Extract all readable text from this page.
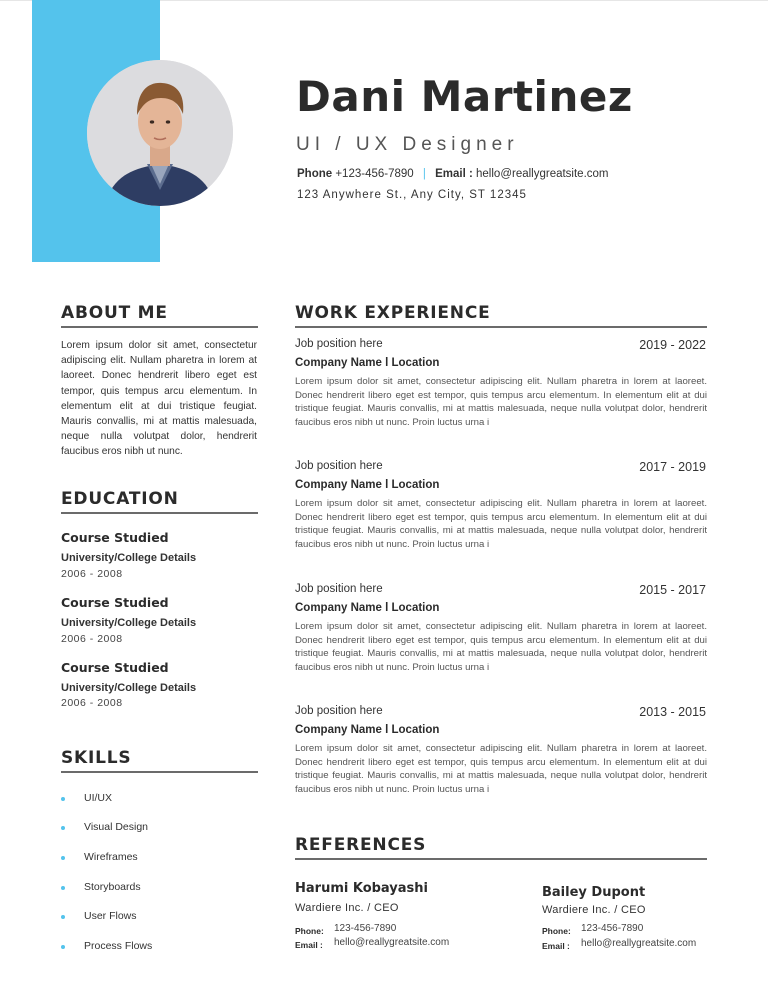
Dani Martinez
UI / UX Designer
Phone +123-456-7890 | Email : hello@reallygreatsite.com
123 Anywhere St., Any City, ST 12345
ABOUT ME
Lorem ipsum dolor sit amet, consectetur adipiscing elit. Nullam pharetra in lorem at laoreet. Donec hendrerit libero eget est tempor, quis tempus arcu elementum. In elementum elit at dui tristique feugiat. Mauris convallis, mi at mattis malesuada, neque nulla volutpat dolor, hendrerit faucibus eros nibh ut nunc.
EDUCATION
Course Studied
University/College Details
2006 - 2008
Course Studied
University/College Details
2006 - 2008
Course Studied
University/College Details
2006 - 2008
SKILLS
UI/UX
Visual Design
Wireframes
Storyboards
User Flows
Process Flows
WORK EXPERIENCE
Job position here	2019 - 2022
Company Name l Location
Lorem ipsum dolor sit amet, consectetur adipiscing elit. Nullam pharetra in lorem at laoreet. Donec hendrerit libero eget est tempor, quis tempus arcu elementum. In elementum elit at dui tristique feugiat. Mauris convallis, mi at mattis malesuada, neque nulla volutpat dolor, hendrerit faucibus eros nibh ut nunc. Proin luctus urna i
Job position here	2017 - 2019
Company Name l Location
Lorem ipsum dolor sit amet, consectetur adipiscing elit. Nullam pharetra in lorem at laoreet. Donec hendrerit libero eget est tempor, quis tempus arcu elementum. In elementum elit at dui tristique feugiat. Mauris convallis, mi at mattis malesuada, neque nulla volutpat dolor, hendrerit faucibus eros nibh ut nunc. Proin luctus urna i
Job position here	2015 - 2017
Company Name l Location
Lorem ipsum dolor sit amet, consectetur adipiscing elit. Nullam pharetra in lorem at laoreet. Donec hendrerit libero eget est tempor, quis tempus arcu elementum. In elementum elit at dui tristique feugiat. Mauris convallis, mi at mattis malesuada, neque nulla volutpat dolor, hendrerit faucibus eros nibh ut nunc. Proin luctus urna i
Job position here	2013 - 2015
Company Name l Location
Lorem ipsum dolor sit amet, consectetur adipiscing elit. Nullam pharetra in lorem at laoreet. Donec hendrerit libero eget est tempor, quis tempus arcu elementum. In elementum elit at dui tristique feugiat. Mauris convallis, mi at mattis malesuada, neque nulla volutpat dolor, hendrerit faucibus eros nibh ut nunc. Proin luctus urna i
REFERENCES
Harumi Kobayashi
Wardiere Inc. / CEO
Phone: 123-456-7890
Email : hello@reallygreatsite.com
Bailey Dupont
Wardiere Inc. / CEO
Phone: 123-456-7890
Email : hello@reallygreatsite.com
